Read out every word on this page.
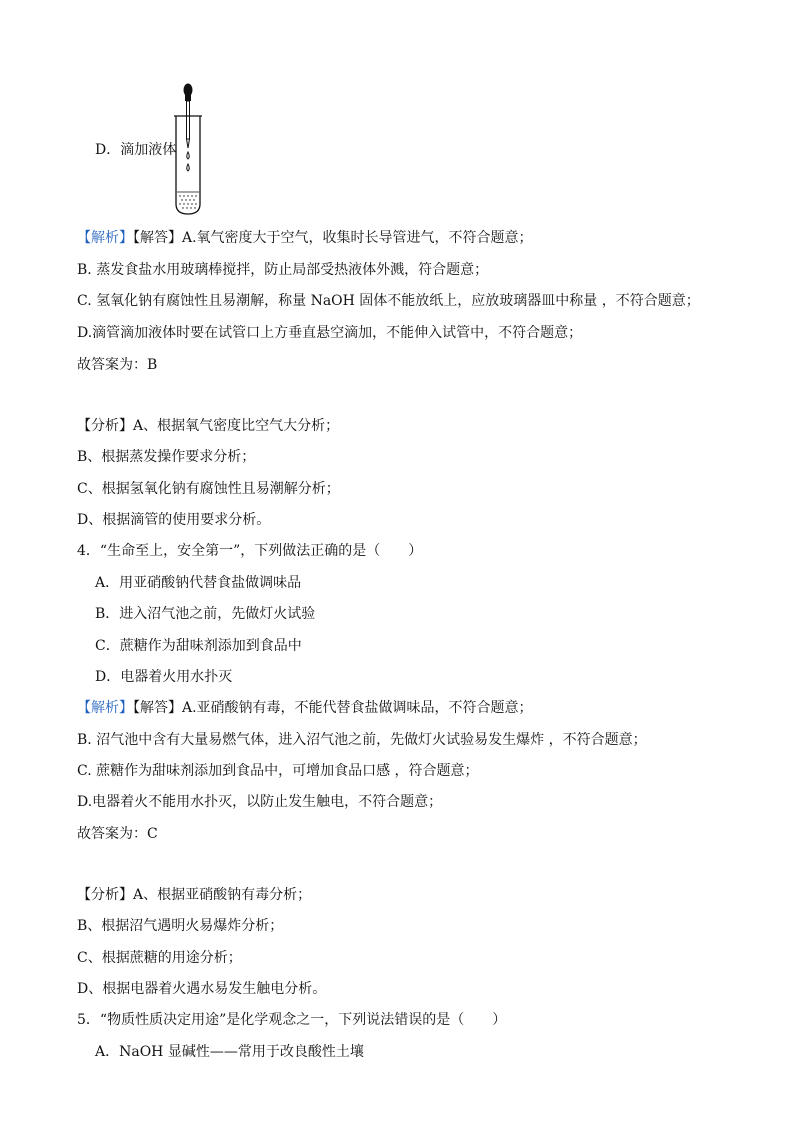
D．滴加液体
【解析】【解答】A.氧气密度大于空气，收集时长导管进气，不符合题意；
B. 蒸发食盐水用玻璃棒搅拌，防止局部受热液体外溅，符合题意；
C. 氢氧化钠有腐蚀性且易潮解，称量 NaOH 固体不能放纸上，应放玻璃器皿中称量 ，不符合题意；
D.滴管滴加液体时要在试管口上方垂直悬空滴加，不能伸入试管中，不符合题意；
故答案为：B
【分析】A、根据氧气密度比空气大分析；
B、根据蒸发操作要求分析；
C、根据氢氧化钠有腐蚀性且易潮解分析；
D、根据滴管的使用要求分析。
4．“生命至上，安全第一”，下列做法正确的是（　　）
A．用亚硝酸钠代替食盐做调味品
B．进入沼气池之前，先做灯火试验
C．蔗糖作为甜味剂添加到食品中
D．电器着火用水扑灭
【解析】【解答】A.亚硝酸钠有毒，不能代替食盐做调味品，不符合题意；
B. 沼气池中含有大量易燃气体，进入沼气池之前，先做灯火试验易发生爆炸 ，不符合题意；
C. 蔗糖作为甜味剂添加到食品中，可增加食品口感 ，符合题意；
D.电器着火不能用水扑灭，以防止发生触电，不符合题意；
故答案为：C
【分析】A、根据亚硝酸钠有毒分析；
B、根据沼气遇明火易爆炸分析；
C、根据蔗糖的用途分析；
D、根据电器着火遇水易发生触电分析。
5．“物质性质决定用途”是化学观念之一，下列说法错误的是（　　）
A．NaOH 显碱性——常用于改良酸性土壤
